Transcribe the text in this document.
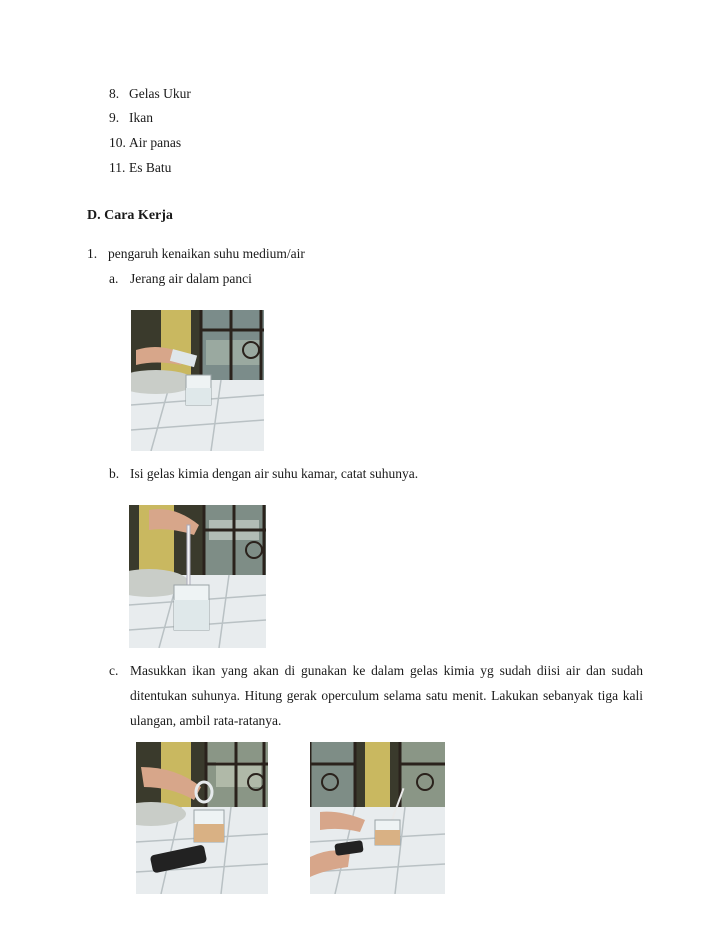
8. Gelas Ukur
9. Ikan
10. Air panas
11. Es Batu
D. Cara Kerja
1. pengaruh kenaikan suhu medium/air
a. Jerang air dalam panci
b. Isi gelas kimia dengan air suhu kamar, catat suhunya.
c. Masukkan ikan yang akan di gunakan ke dalam gelas kimia yg sudah diisi air dan sudah ditentukan suhunya. Hitung gerak operculum selama satu menit. Lakukan sebanyak tiga kali ulangan, ambil rata-ratanya.
